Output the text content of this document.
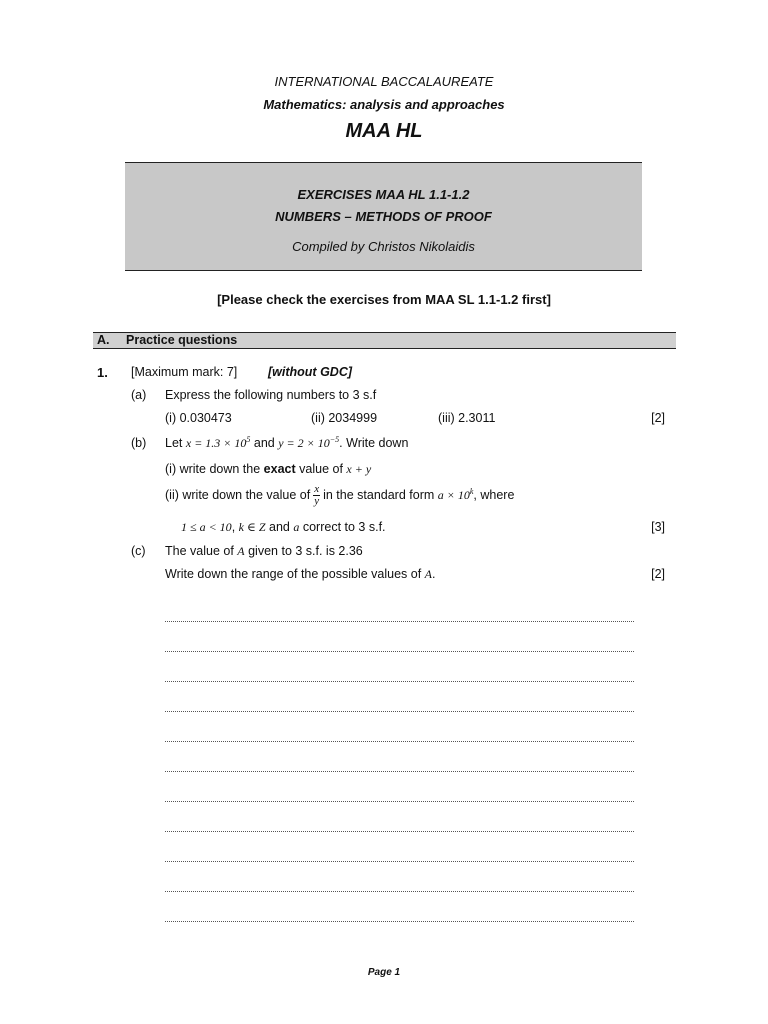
INTERNATIONAL BACCALAUREATE
Mathematics: analysis and approaches
MAA HL
EXERCISES MAA HL 1.1-1.2
NUMBERS – METHODS OF PROOF
Compiled by Christos Nikolaidis
[Please check the exercises from MAA SL 1.1-1.2 first]
A. Practice questions
1. [Maximum mark: 7] [without GDC]
(a) Express the following numbers to 3 s.f
(i) 0.030473	(ii) 2034999	(iii) 2.3011	[2]
(b) Let $x = 1.3 \times 10^5$ and $y = 2 \times 10^{-5}$. Write down
(i) write down the exact value of x + y
(ii) write down the value of $\frac{x}{y}$ in the standard form $a \times 10^k$, where
1 ≤ a < 10, k ∈ Z and a correct to 3 s.f.	[3]
(c) The value of A given to 3 s.f. is 2.36
Write down the range of the possible values of A.	[2]
Page 1
